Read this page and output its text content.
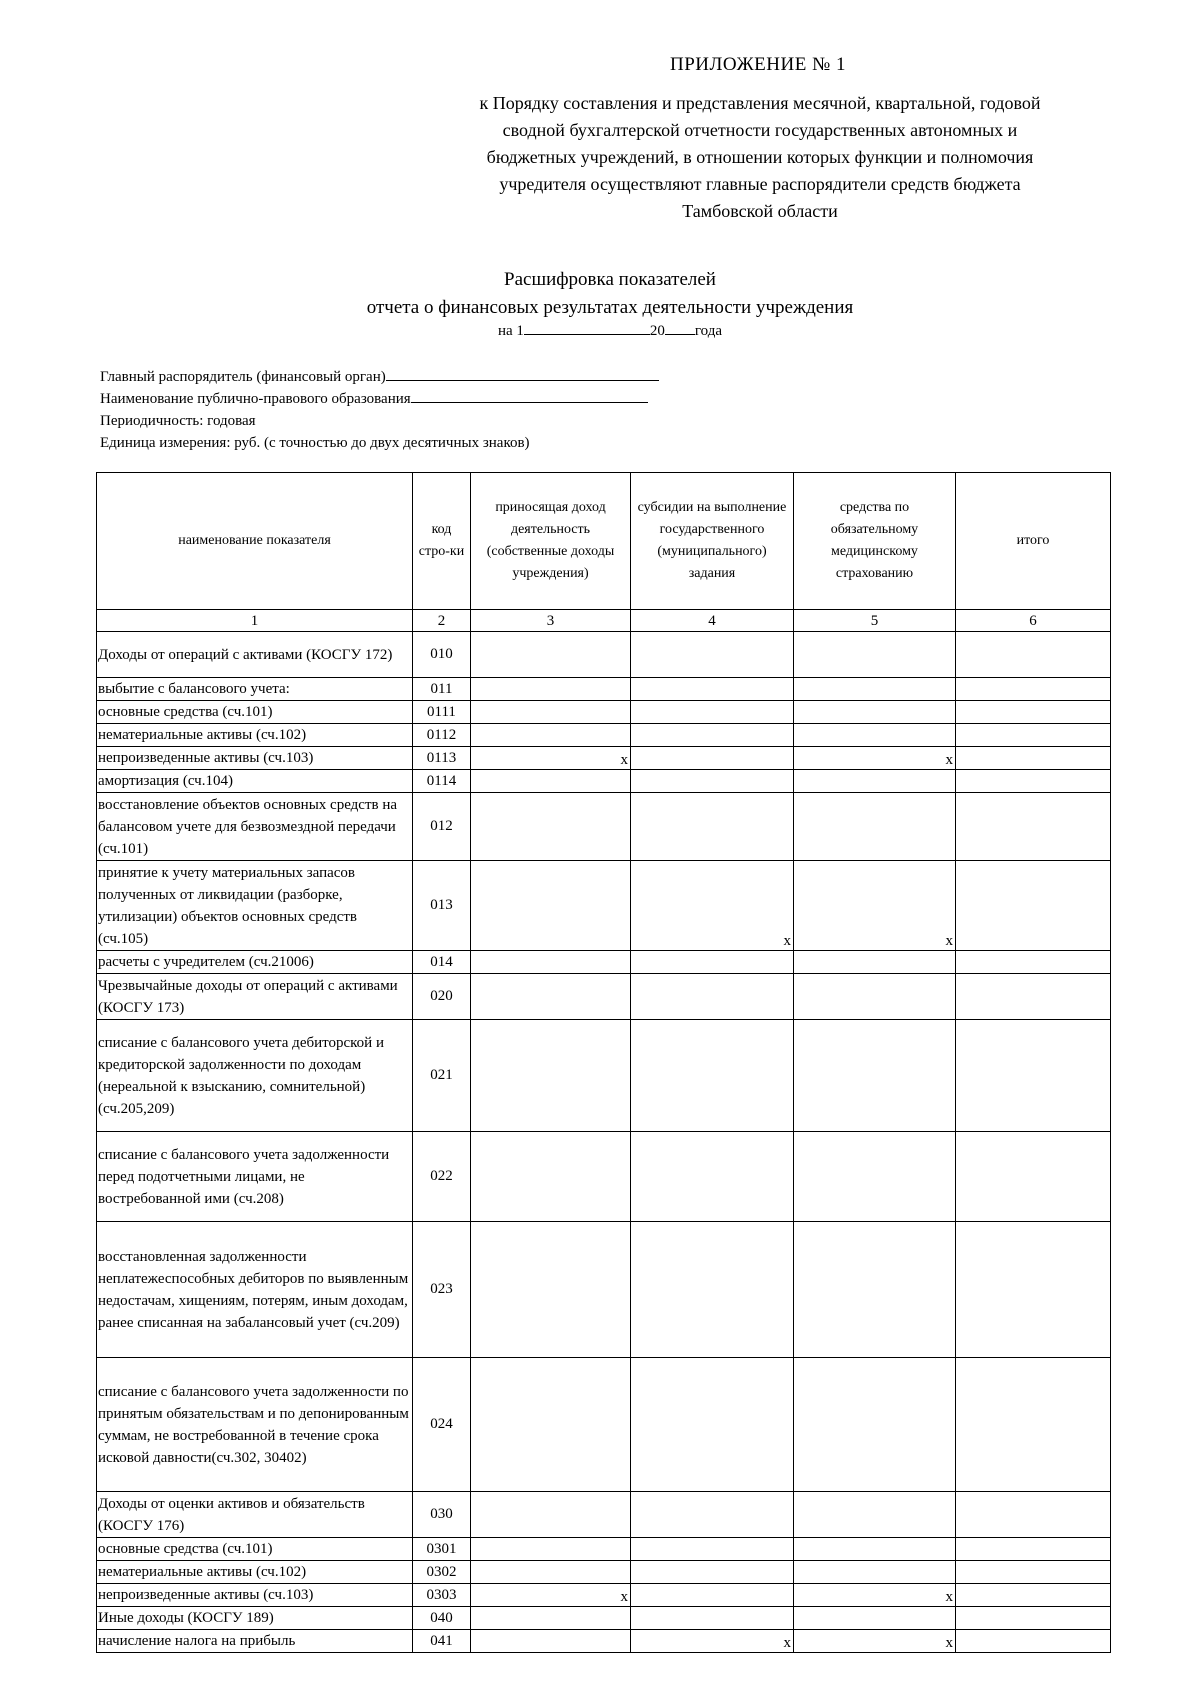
ПРИЛОЖЕНИЕ № 1
к Порядку составления и представления месячной, квартальной, годовой
сводной бухгалтерской отчетности государственных автономных и
бюджетных учреждений, в отношении которых функции и полномочия
учредителя осуществляют главные распорядители средств бюджета
Тамбовской области
Расшифровка показателей
отчета о финансовых результатах деятельности учреждения
на 1	20 года
Главный распорядитель (финансовый орган)
Наименование публично-правового образования
Периодичность: годовая
Единица измерения: руб. (с точностью до двух десятичных знаков)
наименование показателя	код стро-ки	приносящая доход деятельность (собственные доходы учреждения)	субсидии на выполнение государственного (муниципального) задания	средства по обязательному медицинскому страхованию	итого
1	2	3	4	5	6
Доходы от операций с активами (КОСГУ 172)	010				
выбытие с балансового учета:	011				
основные средства (сч.101)	0111				
нематериальные активы (сч.102)	0112				
непроизведенные активы (сч.103)	0113	x		x	
амортизация (сч.104)	0114				
восстановление объектов основных средств на балансовом учете для безвозмездной передачи (сч.101)	012				
принятие к учету материальных запасов полученных от ликвидации (разборке, утилизации) объектов основных средств (сч.105)	013		x	x	
расчеты с учредителем (сч.21006)	014				
Чрезвычайные доходы от операций с активами (КОСГУ 173)	020				
списание с балансового учета дебиторской и кредиторской задолженности по доходам (нереальной к взысканию, сомнительной) (сч.205,209)	021				
списание с балансового учета задолженности перед подотчетными лицами, не востребованной ими (сч.208)	022				
восстановленная задолженности неплатежеспособных дебиторов по выявленным недостачам, хищениям, потерям, иным доходам, ранее списанная на забалансовый учет (сч.209)	023				
списание с балансового учета задолженности по принятым обязательствам и по депонированным суммам, не востребованной в течение срока исковой давности(сч.302, 30402)	024				
Доходы от оценки активов и обязательств (КОСГУ 176)	030				
основные средства (сч.101)	0301				
нематериальные активы (сч.102)	0302				
непроизведенные активы (сч.103)	0303	x		x	
Иные доходы (КОСГУ 189)	040				
начисление налога на прибыль	041		x	x	
